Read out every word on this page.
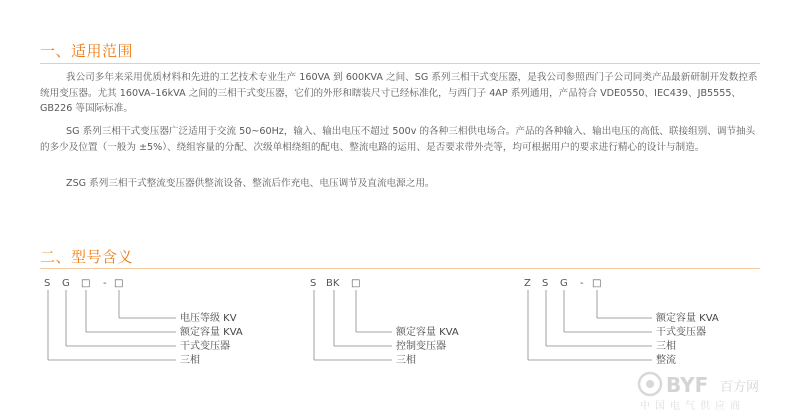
一、适用范围

我公司多年来采用优质材料和先进的工艺技术专业生产 160VA 到 600KVA 之间、SG 系列三相干式变压器，是我公司参照西门子公司同类产品最新研制开发数控系统用变压器。尤其 160VA–16kVA 之间的三相干式变压器，它们的外形和瞎装尺寸已经标准化，与西门子 4AP 系列通用，产品符合 VDE0550、IEC439、JB5555、GB226 等国际标准。

SG 系列三相干式变压器广泛适用于交流 50~60Hz，输入、输出电压不超过 500v 的各种三相供电场合。产品的各种输入、输出电压的高低、联接组别、调节抽头的多少及位置（一般为 ±5%）、绕组容量的分配、次级单相绕组的配电、整流电路的运用、是否要求带外壳等，均可根据用户的要求进行精心的设计与制造。

ZSG 系列三相干式整流变压器供整流设备、整流后作充电、电压调节及直流电源之用。

二、型号含义
S G □ - □
电压等级 KV
额定容量 KVA
干式变压器
三相
S BK □
额定容量 KVA
控制变压器
三相
Z S G - □
额定容量 KVA
干式变压器
三相
整流
BYF 百方网
中国电气供应商
